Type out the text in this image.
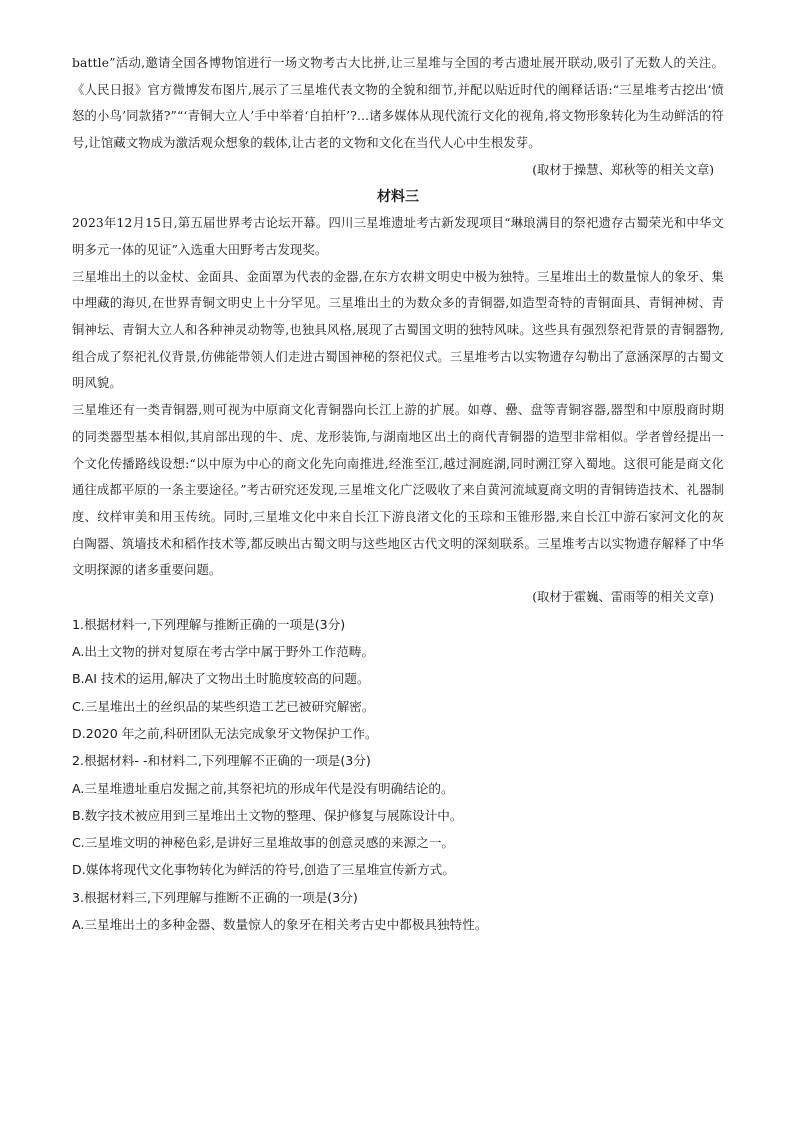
battle”活动,邀请全国各博物馆进行一场文物考古大比拼,让三星堆与全国的考古遗址展开联动,吸引了无数人的关注。《人民日报》官方微博发布图片,展示了三星堆代表文物的全貌和细节,并配以贴近时代的阐释话语:“三星堆考古挖出‘愤怒的小鸟’同款猪?”“‘青铜大立人’手中举着‘自拍杆’?...诸多媒体从现代流行文化的视角,将文物形象转化为生动鲜活的符号,让馆藏文物成为激活观众想象的载体,让古老的文物和文化在当代人心中生根发芽。

(取材于操慧、郑秋等的相关文章)

材料三

2023年12月15日,第五届世界考古论坛开幕。四川三星堆遗址考古新发现项目“琳琅满目的祭祀遗存古蜀荣光和中华文明多元一体的见证”入选重大田野考古发现奖。

三星堆出土的以金杖、金面具、金面罩为代表的金器,在东方农耕文明史中极为独特。三星堆出土的数量惊人的象牙、集中埋藏的海贝,在世界青铜文明史上十分罕见。三星堆出土的为数众多的青铜器,如造型奇特的青铜面具、青铜神树、青铜神坛、青铜大立人和各种神灵动物等,也独具风格,展现了古蜀国文明的独特风味。这些具有强烈祭祀背景的青铜器物,组合成了祭祀礼仪背景,仿佛能带领人们走进古蜀国神秘的祭祀仪式。三星堆考古以实物遗存勾勒出了意涵深厚的古蜀文明风貌。

三星堆还有一类青铜器,则可视为中原商文化青铜器向长江上游的扩展。如尊、罍、盘等青铜容器,器型和中原殷商时期的同类器型基本相似,其肩部出现的牛、虎、龙形装饰,与湖南地区出土的商代青铜器的造型非常相似。学者曾经提出一个文化传播路线设想:“以中原为中心的商文化先向南推进,经淮至江,越过洞庭湖,同时溯江穿入蜀地。这很可能是商文化通往成都平原的一条主要途径。”考古研究还发现,三星堆文化广泛吸收了来自黄河流域夏商文明的青铜铸造技术、礼器制度、纹样审美和用玉传统。同时,三星堆文化中来自长江下游良渚文化的玉琮和玉锥形器,来自长江中游石家河文化的灰白陶器、筑墙技术和稻作技术等,都反映出古蜀文明与这些地区古代文明的深刻联系。三星堆考古以实物遗存解释了中华文明探源的诸多重要问题。

(取材于霍巍、雷雨等的相关文章)

1.根据材料一,下列理解与推断正确的一项是(3分)

A.出土文物的拼对复原在考古学中属于野外工作范畴。

B.AI 技术的运用,解决了文物出土时脆度较高的问题。

C.三星堆出土的丝织品的某些织造工艺已被研究解密。

D.2020 年之前,科研团队无法完成象牙文物保护工作。

2.根据材料- -和材料二,下列理解不正确的一项是(3分)

A.三星堆遗址重启发掘之前,其祭祀坑的形成年代是没有明确结论的。

B.数字技术被应用到三星堆出土文物的整理、保护修复与展陈设计中。

C.三星堆文明的神秘色彩,是讲好三星堆故事的创意灵感的来源之一。

D.媒体将现代文化事物转化为鲜活的符号,创造了三星堆宣传新方式。

3.根据材料三,下列理解与推断不正确的一项是(3分)

A.三星堆出土的多种金器、数量惊人的象牙在相关考古史中都极具独特性。
